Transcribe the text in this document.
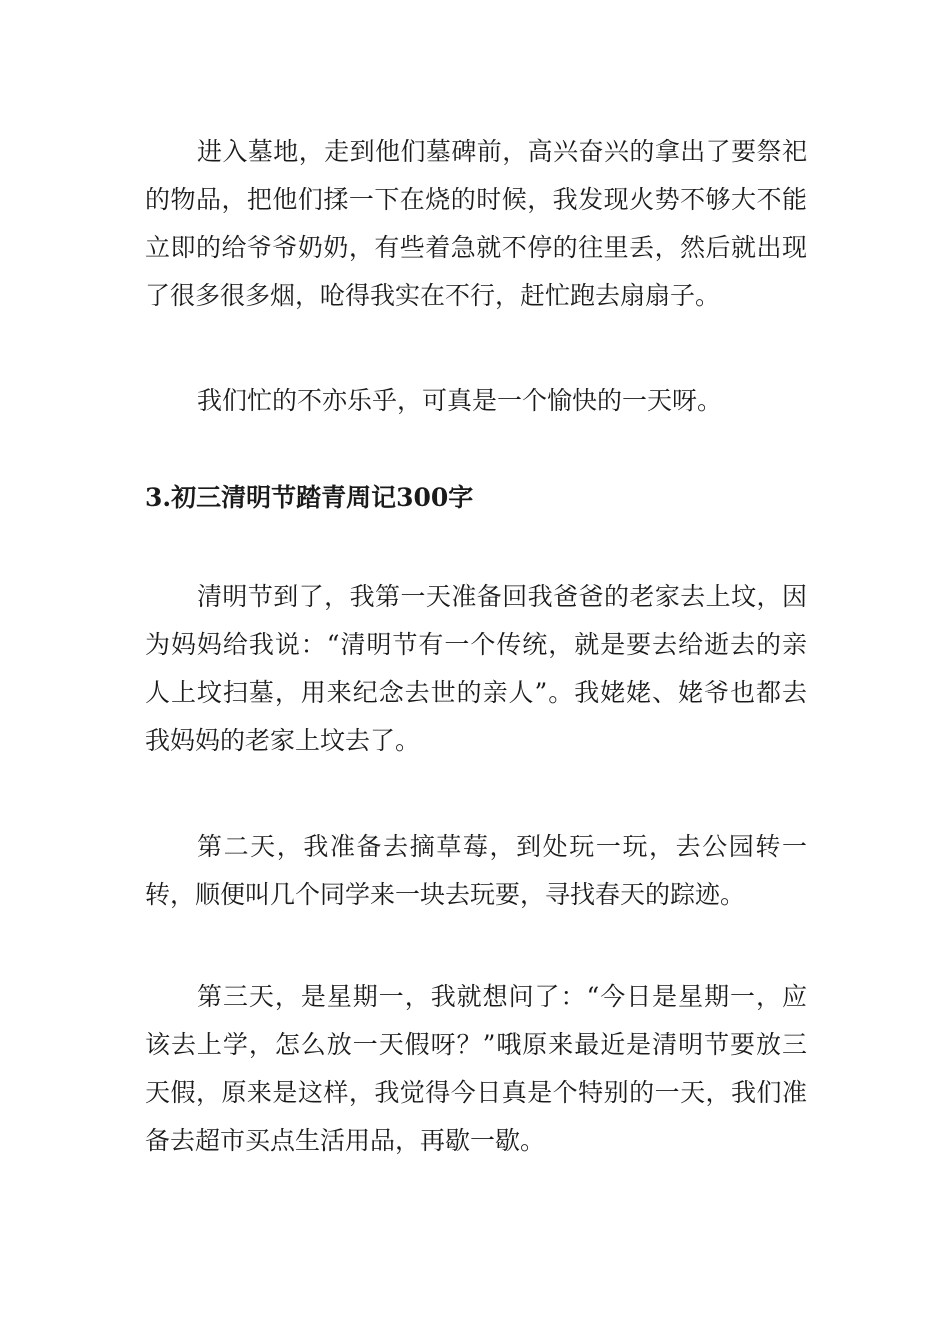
进入墓地，走到他们墓碑前，高兴奋兴的拿出了要祭祀的物品，把他们揉一下在烧的时候，我发现火势不够大不能立即的给爷爷奶奶，有些着急就不停的往里丢，然后就出现了很多很多烟，呛得我实在不行，赶忙跑去扇扇子。

我们忙的不亦乐乎，可真是一个愉快的一天呀。

3.初三清明节踏青周记300字

清明节到了，我第一天准备回我爸爸的老家去上坟，因为妈妈给我说：“清明节有一个传统，就是要去给逝去的亲人上坟扫墓，用来纪念去世的亲人”。我姥姥、姥爷也都去我妈妈的老家上坟去了。

第二天，我准备去摘草莓，到处玩一玩，去公园转一转，顺便叫几个同学来一块去玩要，寻找春天的踪迹。

第三天，是星期一，我就想问了：“今日是星期一，应该去上学，怎么放一天假呀？”哦原来最近是清明节要放三天假，原来是这样，我觉得今日真是个特别的一天，我们准备去超市买点生活用品，再歇一歇。
